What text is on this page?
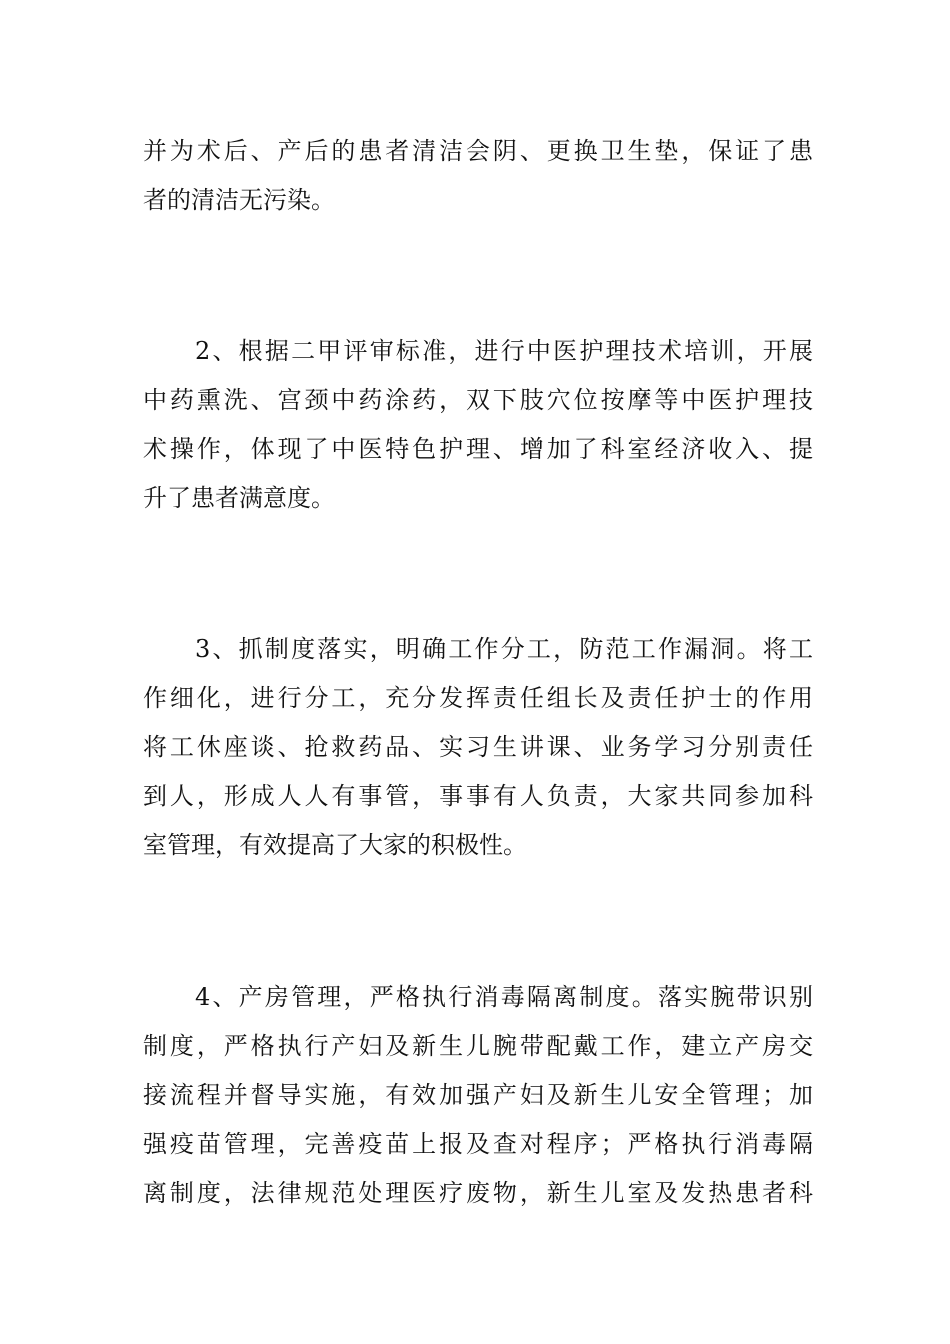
并为术后、产后的患者清洁会阴、更换卫生垫，保证了患

者的清洁无污染。

2、根据二甲评审标准，进行中医护理技术培训，开展

中药熏洗、宫颈中药涂药，双下肢穴位按摩等中医护理技

术操作，体现了中医特色护理、增加了科室经济收入、提

升了患者满意度。

3、抓制度落实，明确工作分工，防范工作漏洞。将工

作细化，进行分工，充分发挥责任组长及责任护士的作用

将工休座谈、抢救药品、实习生讲课、业务学习分别责任

到人，形成人人有事管，事事有人负责，大家共同参加科

室管理，有效提高了大家的积极性。

4、产房管理，严格执行消毒隔离制度。落实腕带识别

制度，严格执行产妇及新生儿腕带配戴工作，建立产房交

接流程并督导实施，有效加强产妇及新生儿安全管理；加

强疫苗管理，完善疫苗上报及查对程序；严格执行消毒隔

离制度，法律规范处理医疗废物，新生儿室及发热患者科
